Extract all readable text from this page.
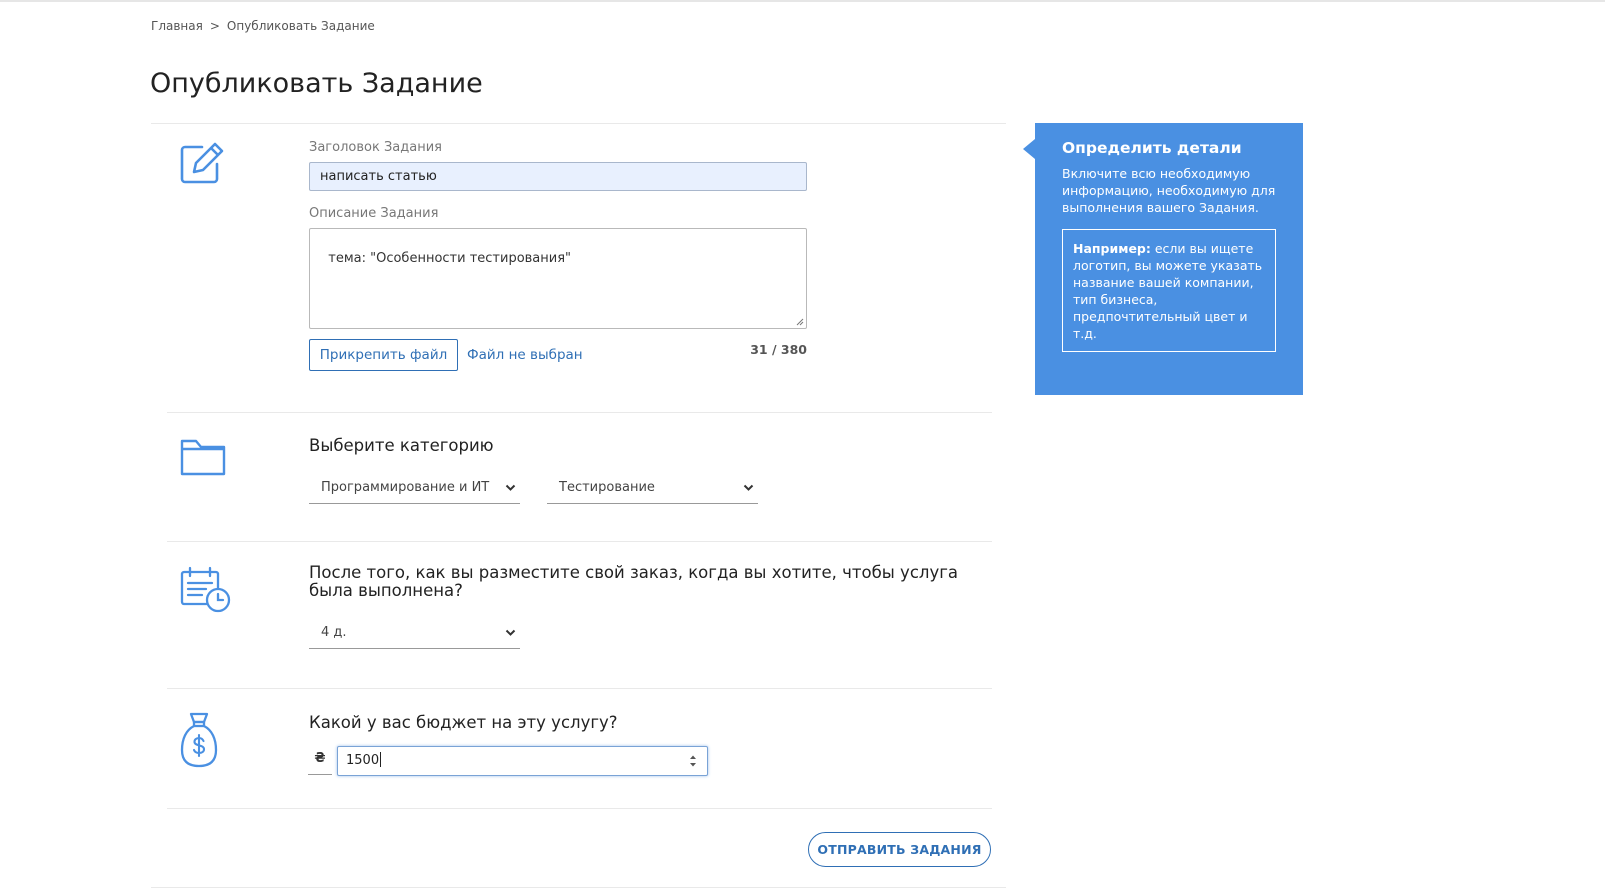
Главная > Опубликовать Задание
Опубликовать Задание
Заголовок Задания
написать статью
Описание Задания

тема: "Особенности тестирования"

Прикрепить файл	Файл не выбран	31 / 380
Выберите категорию
Программирование и ИТ	Тестирование
После того, как вы разместите свой заказ, когда вы хотите, чтобы услуга была выполнена?
4 д.
Какой у вас бюджет на эту услугу?
₴	1500
ОТПРАВИТЬ ЗАДАНИЯ
Определить детали
Включите всю необходимую информацию, необходимую для выполнения вашего Задания.
Например: если вы ищете логотип, вы можете указать название вашей компании, тип бизнеса, предпочтительный цвет и т.д.
